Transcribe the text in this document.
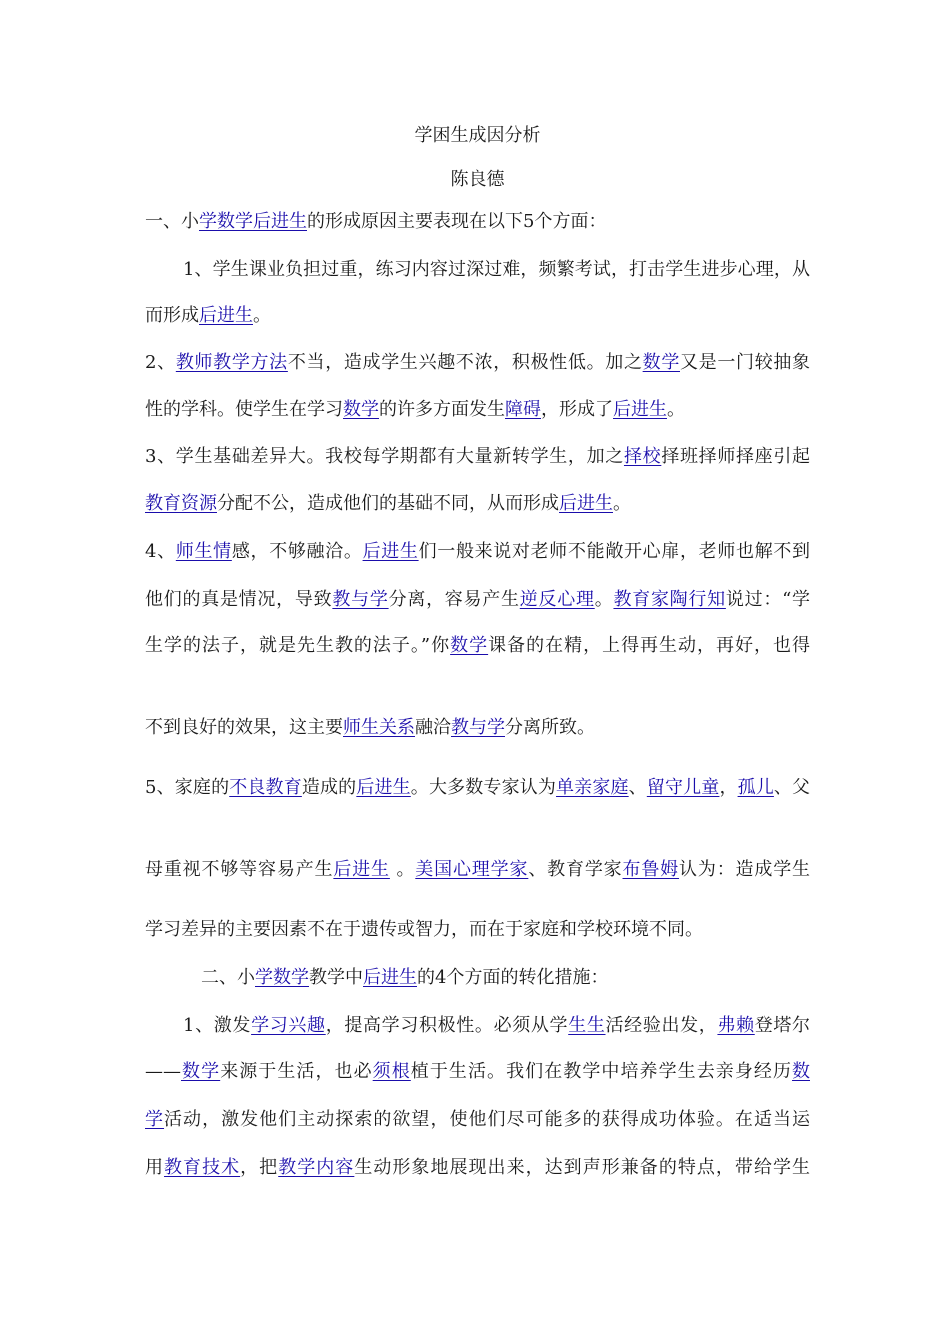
学困生成因分析
陈良德
一、小学数学后进生的形成原因主要表现在以下5个方面：
1、学生课业负担过重，练习内容过深过难，频繁考试，打击学生进步心理，从
而形成后进生。
2、教师教学方法不当，造成学生兴趣不浓，积极性低。加之数学又是一门较抽象
性的学科。使学生在学习数学的许多方面发生障碍，形成了后进生。
3、学生基础差异大。我校每学期都有大量新转学生，加之择校择班择师择座引起
教育资源分配不公，造成他们的基础不同，从而形成后进生。
4、师生情感，不够融洽。后进生们一般来说对老师不能敞开心扉，老师也解不到
他们的真是情况，导致教与学分离，容易产生逆反心理。教育家陶行知说过：“学
生学的法子，就是先生教的法子。”你数学课备的在精，上得再生动，再好，也得
不到良好的效果，这主要师生关系融洽教与学分离所致。
5、家庭的不良教育造成的后进生。大多数专家认为单亲家庭、留守儿童，孤儿、父
母重视不够等容易产生后进生 。美国心理学家、教育学家布鲁姆认为：造成学生
学习差异的主要因素不在于遗传或智力，而在于家庭和学校环境不同。
二、小学数学教学中后进生的4个方面的转化措施：
1、激发学习兴趣，提高学习积极性。必须从学生生活经验出发，弗赖登塔尔
——数学来源于生活，也必须根植于生活。我们在教学中培养学生去亲身经历数
学活动，激发他们主动探索的欲望，使他们尽可能多的获得成功体验。在适当运
用教育技术，把教学内容生动形象地展现出来，达到声形兼备的特点，带给学生
